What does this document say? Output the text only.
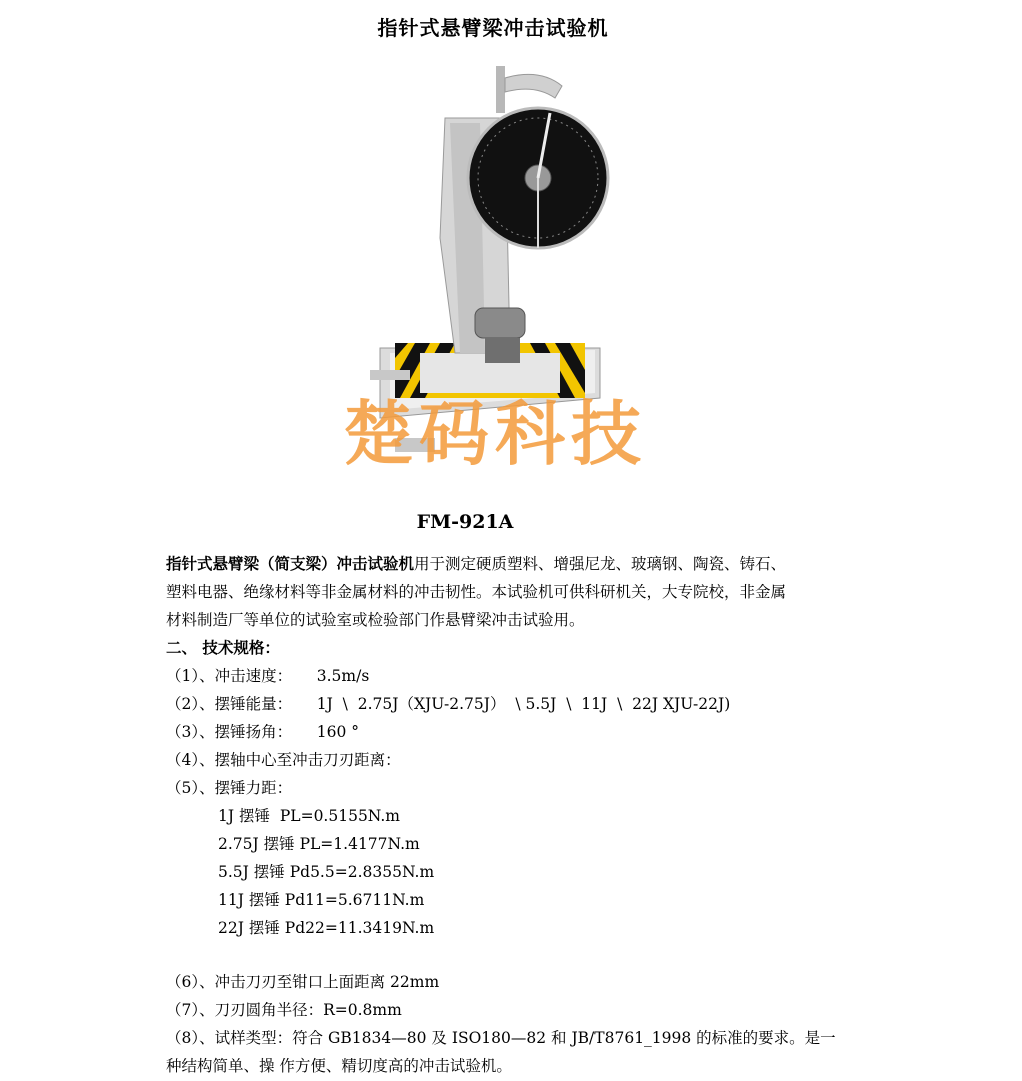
指针式悬臂梁冲击试验机
楚码科技
FM-921A

指针式悬臂梁（简支梁）冲击试验机用于测定硬质塑料、增强尼龙、玻璃钢、陶瓷、铸石、

塑料电器、绝缘材料等非金属材料的冲击韧性。本试验机可供科研机关，大专院校，非金属

材料制造厂等单位的试验室或检验部门作悬臂梁冲击试验用。

二、 技术规格：

（1）、冲击速度：     3.5m/s

（2）、摆锤能量：     1J  \  2.75J（XJU-2.75J）  \ 5.5J  \  11J  \  22J XJU-22J)

（3）、摆锤扬角：     160 °

（4）、摆轴中心至冲击刀刃距离：

（5）、摆锤力距：

1J 摆锤  PL=0.5155N.m

2.75J 摆锤 PL=1.4177N.m

5.5J 摆锤 Pd5.5=2.8355N.m

11J 摆锤 Pd11=5.6711N.m

22J 摆锤 Pd22=11.3419N.m

（6）、冲击刀刃至钳口上面距离 22mm

（7）、刀刃圆角半径：R=0.8mm

（8）、试样类型：符合 GB1834—80 及 ISO180—82 和 JB/T8761_1998 的标准的要求。是一

种结构简单、操 作方便、精切度高的冲击试验机。
